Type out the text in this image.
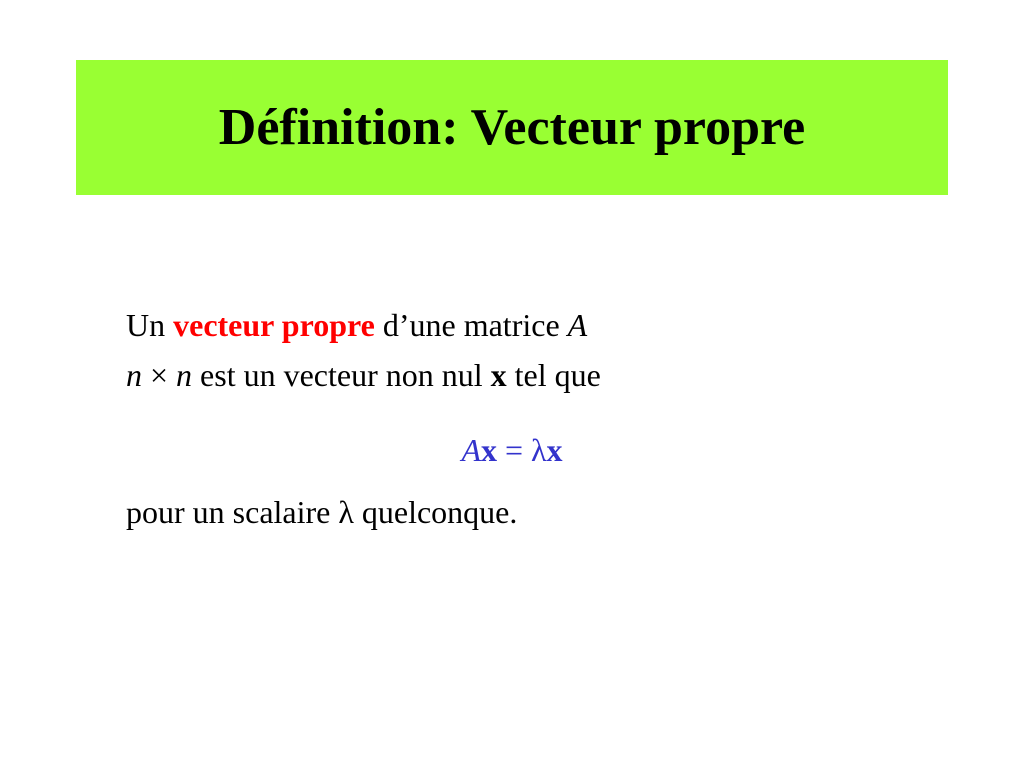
Définition: Vecteur propre
Un vecteur propre d’une matrice A
n × n est un vecteur non nul x tel que
Ax = λx
pour un scalaire λ quelconque.
